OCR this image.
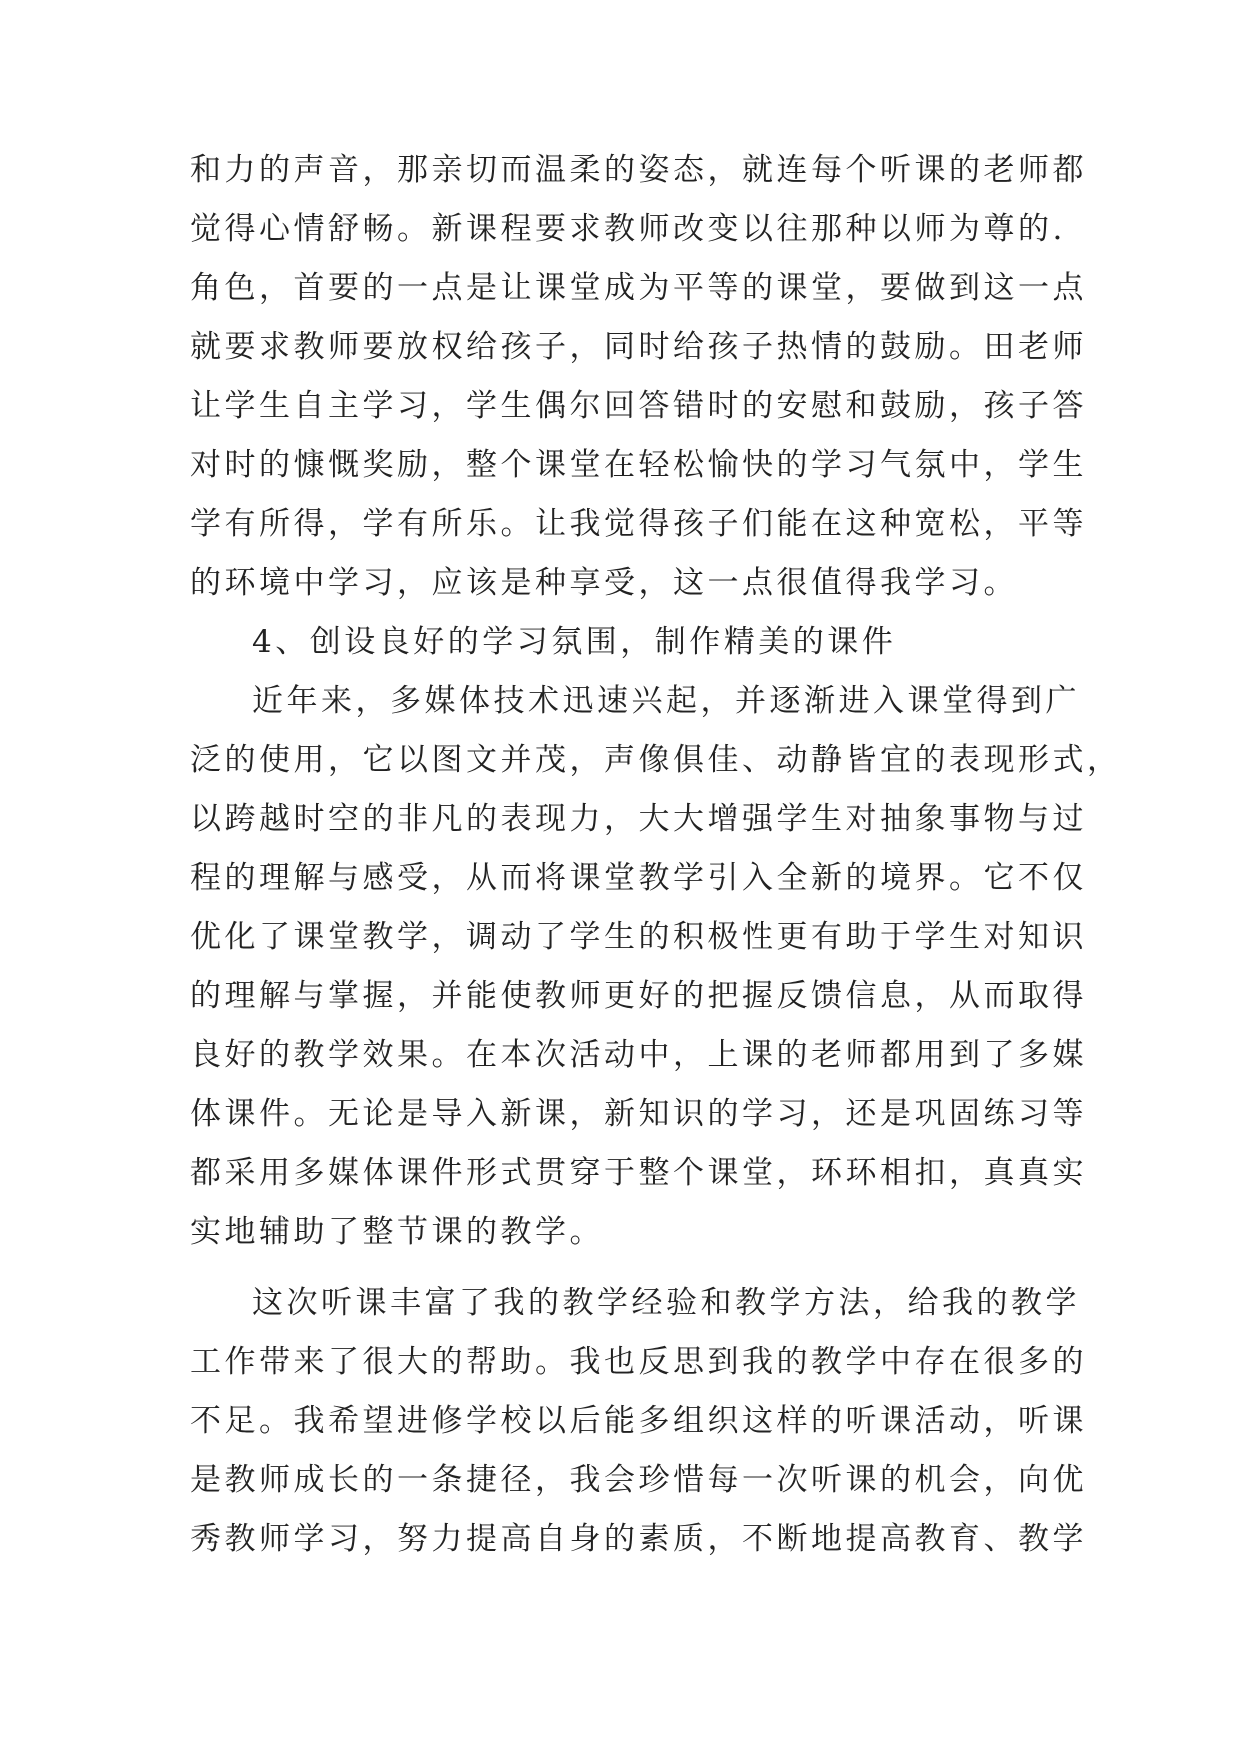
和力的声音，那亲切而温柔的姿态，就连每个听课的老师都
觉得心情舒畅。新课程要求教师改变以往那种以师为尊的.
角色，首要的一点是让课堂成为平等的课堂，要做到这一点
就要求教师要放权给孩子，同时给孩子热情的鼓励。田老师
让学生自主学习，学生偶尔回答错时的安慰和鼓励，孩子答
对时的慷慨奖励，整个课堂在轻松愉快的学习气氛中，学生
学有所得，学有所乐。让我觉得孩子们能在这种宽松，平等
的环境中学习，应该是种享受，这一点很值得我学习。
4、创设良好的学习氛围，制作精美的课件
近年来，多媒体技术迅速兴起，并逐渐进入课堂得到广
泛的使用，它以图文并茂，声像俱佳、动静皆宜的表现形式，
以跨越时空的非凡的表现力，大大增强学生对抽象事物与过
程的理解与感受，从而将课堂教学引入全新的境界。它不仅
优化了课堂教学，调动了学生的积极性更有助于学生对知识
的理解与掌握，并能使教师更好的把握反馈信息，从而取得
良好的教学效果。在本次活动中，上课的老师都用到了多媒
体课件。无论是导入新课，新知识的学习，还是巩固练习等
都采用多媒体课件形式贯穿于整个课堂，环环相扣，真真实
实地辅助了整节课的教学。
这次听课丰富了我的教学经验和教学方法，给我的教学
工作带来了很大的帮助。我也反思到我的教学中存在很多的
不足。我希望进修学校以后能多组织这样的听课活动，听课
是教师成长的一条捷径，我会珍惜每一次听课的机会，向优
秀教师学习，努力提高自身的素质，不断地提高教育、教学
